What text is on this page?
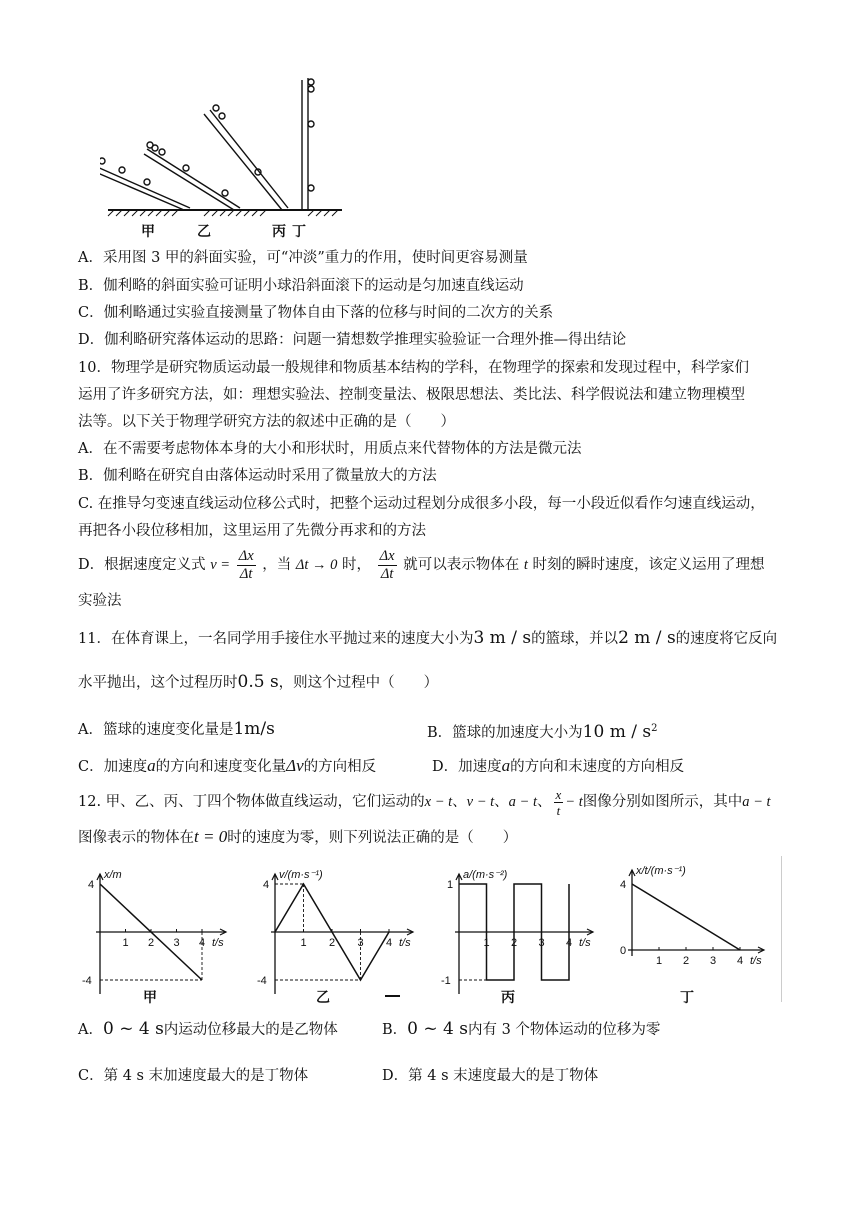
甲	乙	丙 丁
A．采用图 3 甲的斜面实验，可“冲淡”重力的作用，使时间更容易测量
B．伽利略的斜面实验可证明小球沿斜面滚下的运动是匀加速直线运动
C．伽利略通过实验直接测量了物体自由下落的位移与时间的二次方的关系
D．伽利略研究落体运动的思路：问题一猜想数学推理实验验证一合理外推—得出结论
10．物理学是研究物质运动最一般规律和物质基本结构的学科，在物理学的探索和发现过程中，科学家们
运用了许多研究方法，如：理想实验法、控制变量法、极限思想法、类比法、科学假说法和建立物理模型
法等。以下关于物理学研究方法的叙述中正确的是（　　）
A．在不需要考虑物体本身的大小和形状时，用质点来代替物体的方法是微元法
B．伽利略在研究自由落体运动时采用了微量放大的方法
C. 在推导匀变速直线运动位移公式时，把整个运动过程划分成很多小段，每一小段近似看作匀速直线运动，
再把各小段位移相加，这里运用了先微分再求和的方法
D．根据速度定义式 $v = \frac{\Delta x}{\Delta t}$ ，当 Δt → 0 时， $\frac{\Delta x}{\Delta t}$ 就可以表示物体在 t 时刻的瞬时速度，该定义运用了理想
实验法
11．在体育课上，一名同学用手接住水平抛过来的速度大小为3 m / s的篮球，并以2 m / s的速度将它反向
水平抛出，这个过程历时0.5 s，则这个过程中（　　）
A．篮球的速度变化量是1m/s	B．篮球的加速度大小为10 m / $s^2$
C．加速度a的方向和速度变化量Δv的方向相反	D．加速度a的方向和末速度的方向相反
12. 甲、乙、丙、丁四个物体做直线运动，它们运动的x − t、v − t、a − t、 $\frac{x}{t} - t$图像分别如图所示，其中a − t
图像表示的物体在t = 0时的速度为零，则下列说法正确的是（　　）
x/m
t/s
1 2 3 4
4
-4
v/(m·s⁻¹)
t/s
1 2 3 4
4
-4
a/(m·s⁻²)
t/s
1 2 3 4
1
-1
x/t/(m·s⁻¹)
t/s
1 2 3 4
4
0
甲	乙	丙	丁
A．0 ~ 4 s内运动位移最大的是乙物体	B．0 ~ 4 s内有 3 个物体运动的位移为零
C．第 4 s 末加速度最大的是丁物体	D．第 4 s 末速度最大的是丁物体
